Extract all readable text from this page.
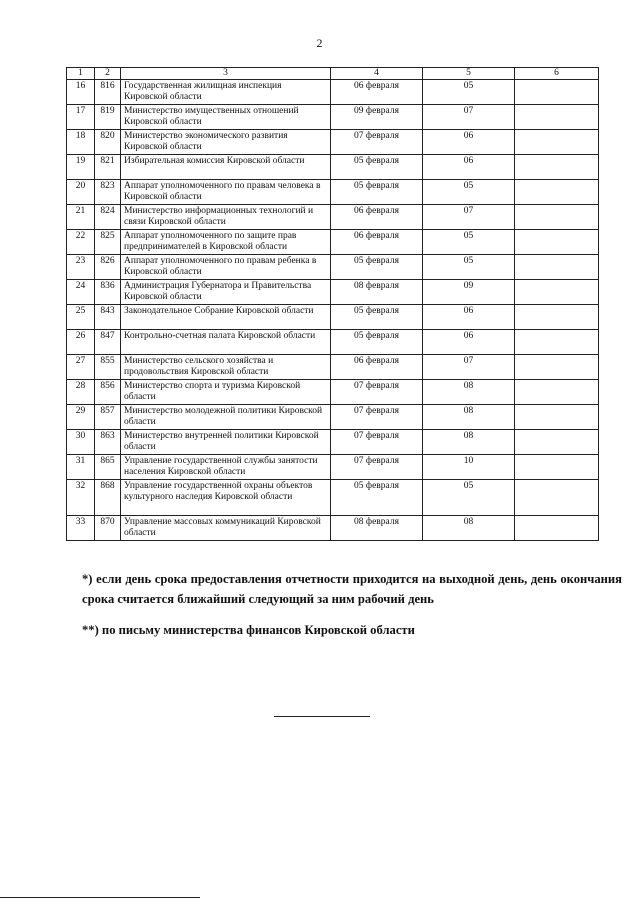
2
1	2	3	4	5	6
16	816	Государственная жилищная инспекция Кировской области	06 февраля	05	
17	819	Министерство имущественных отношений Кировской области	09 февраля	07	
18	820	Министерство экономического развития Кировской области	07 февраля	06	
19	821	Избирательная комиссия Кировской области	05 февраля	06	
20	823	Аппарат уполномоченного по правам человека в Кировской области	05 февраля	05	
21	824	Министерство информационных технологий и связи Кировской области	06 февраля	07	
22	825	Аппарат уполномоченного по защите прав предпринимателей в Кировской области	06 февраля	05	
23	826	Аппарат уполномоченного по правам ребенка в Кировской области	05 февраля	05	
24	836	Администрация Губернатора и Правительства Кировской области	08 февраля	09	
25	843	Законодательное Собрание Кировской области	05 февраля	06	
26	847	Контрольно-счетная палата Кировской области	05 февраля	06	
27	855	Министерство сельского хозяйства и продовольствия Кировской области	06 февраля	07	
28	856	Министерство спорта и туризма Кировской области	07 февраля	08	
29	857	Министерство молодежной политики Кировской области	07 февраля	08	
30	863	Министерство внутренней политики Кировской области	07 февраля	08	
31	865	Управление государственной службы занятости населения Кировской области	07 февраля	10	
32	868	Управление государственной охраны объектов культурного наследия Кировской области	05 февраля	05	
33	870	Управление массовых коммуникаций Кировской области	08 февраля	08	
*) если день срока предоставления отчетности приходится на выходной день, день окончания срока считается ближайший следующий за ним рабочий день
**) по письму министерства финансов Кировской области
